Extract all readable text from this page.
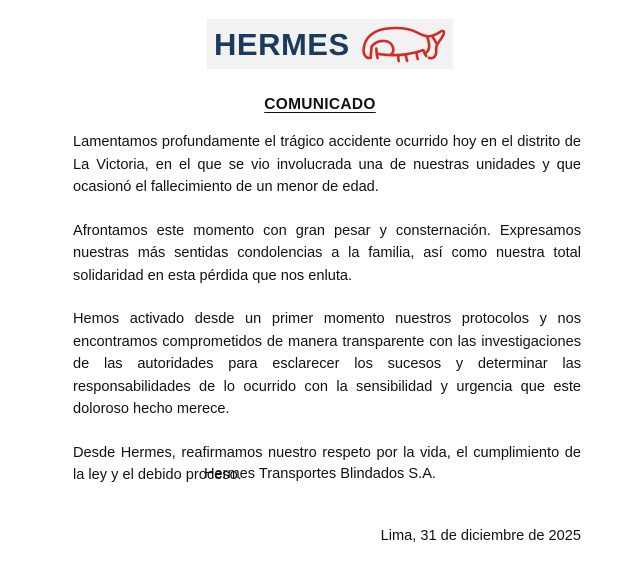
HERMES
COMUNICADO

Lamentamos profundamente el trágico accidente ocurrido hoy en el distrito de La Victoria, en el que se vio involucrada una de nuestras unidades y que ocasionó el fallecimiento de un menor de edad.

Afrontamos este momento con gran pesar y consternación. Expresamos nuestras más sentidas condolencias a la familia, así como nuestra total solidaridad en esta pérdida que nos enluta.

Hemos activado desde un primer momento nuestros protocolos y nos encontramos comprometidos de manera transparente con las investigaciones de las autoridades para esclarecer los sucesos y determinar las responsabilidades de lo ocurrido con la sensibilidad y urgencia que este doloroso hecho merece.

Desde Hermes, reafirmamos nuestro respeto por la vida, el cumplimiento de la ley y el debido proceso.

Hermes Transportes Blindados S.A.
Lima, 31 de diciembre de 2025
